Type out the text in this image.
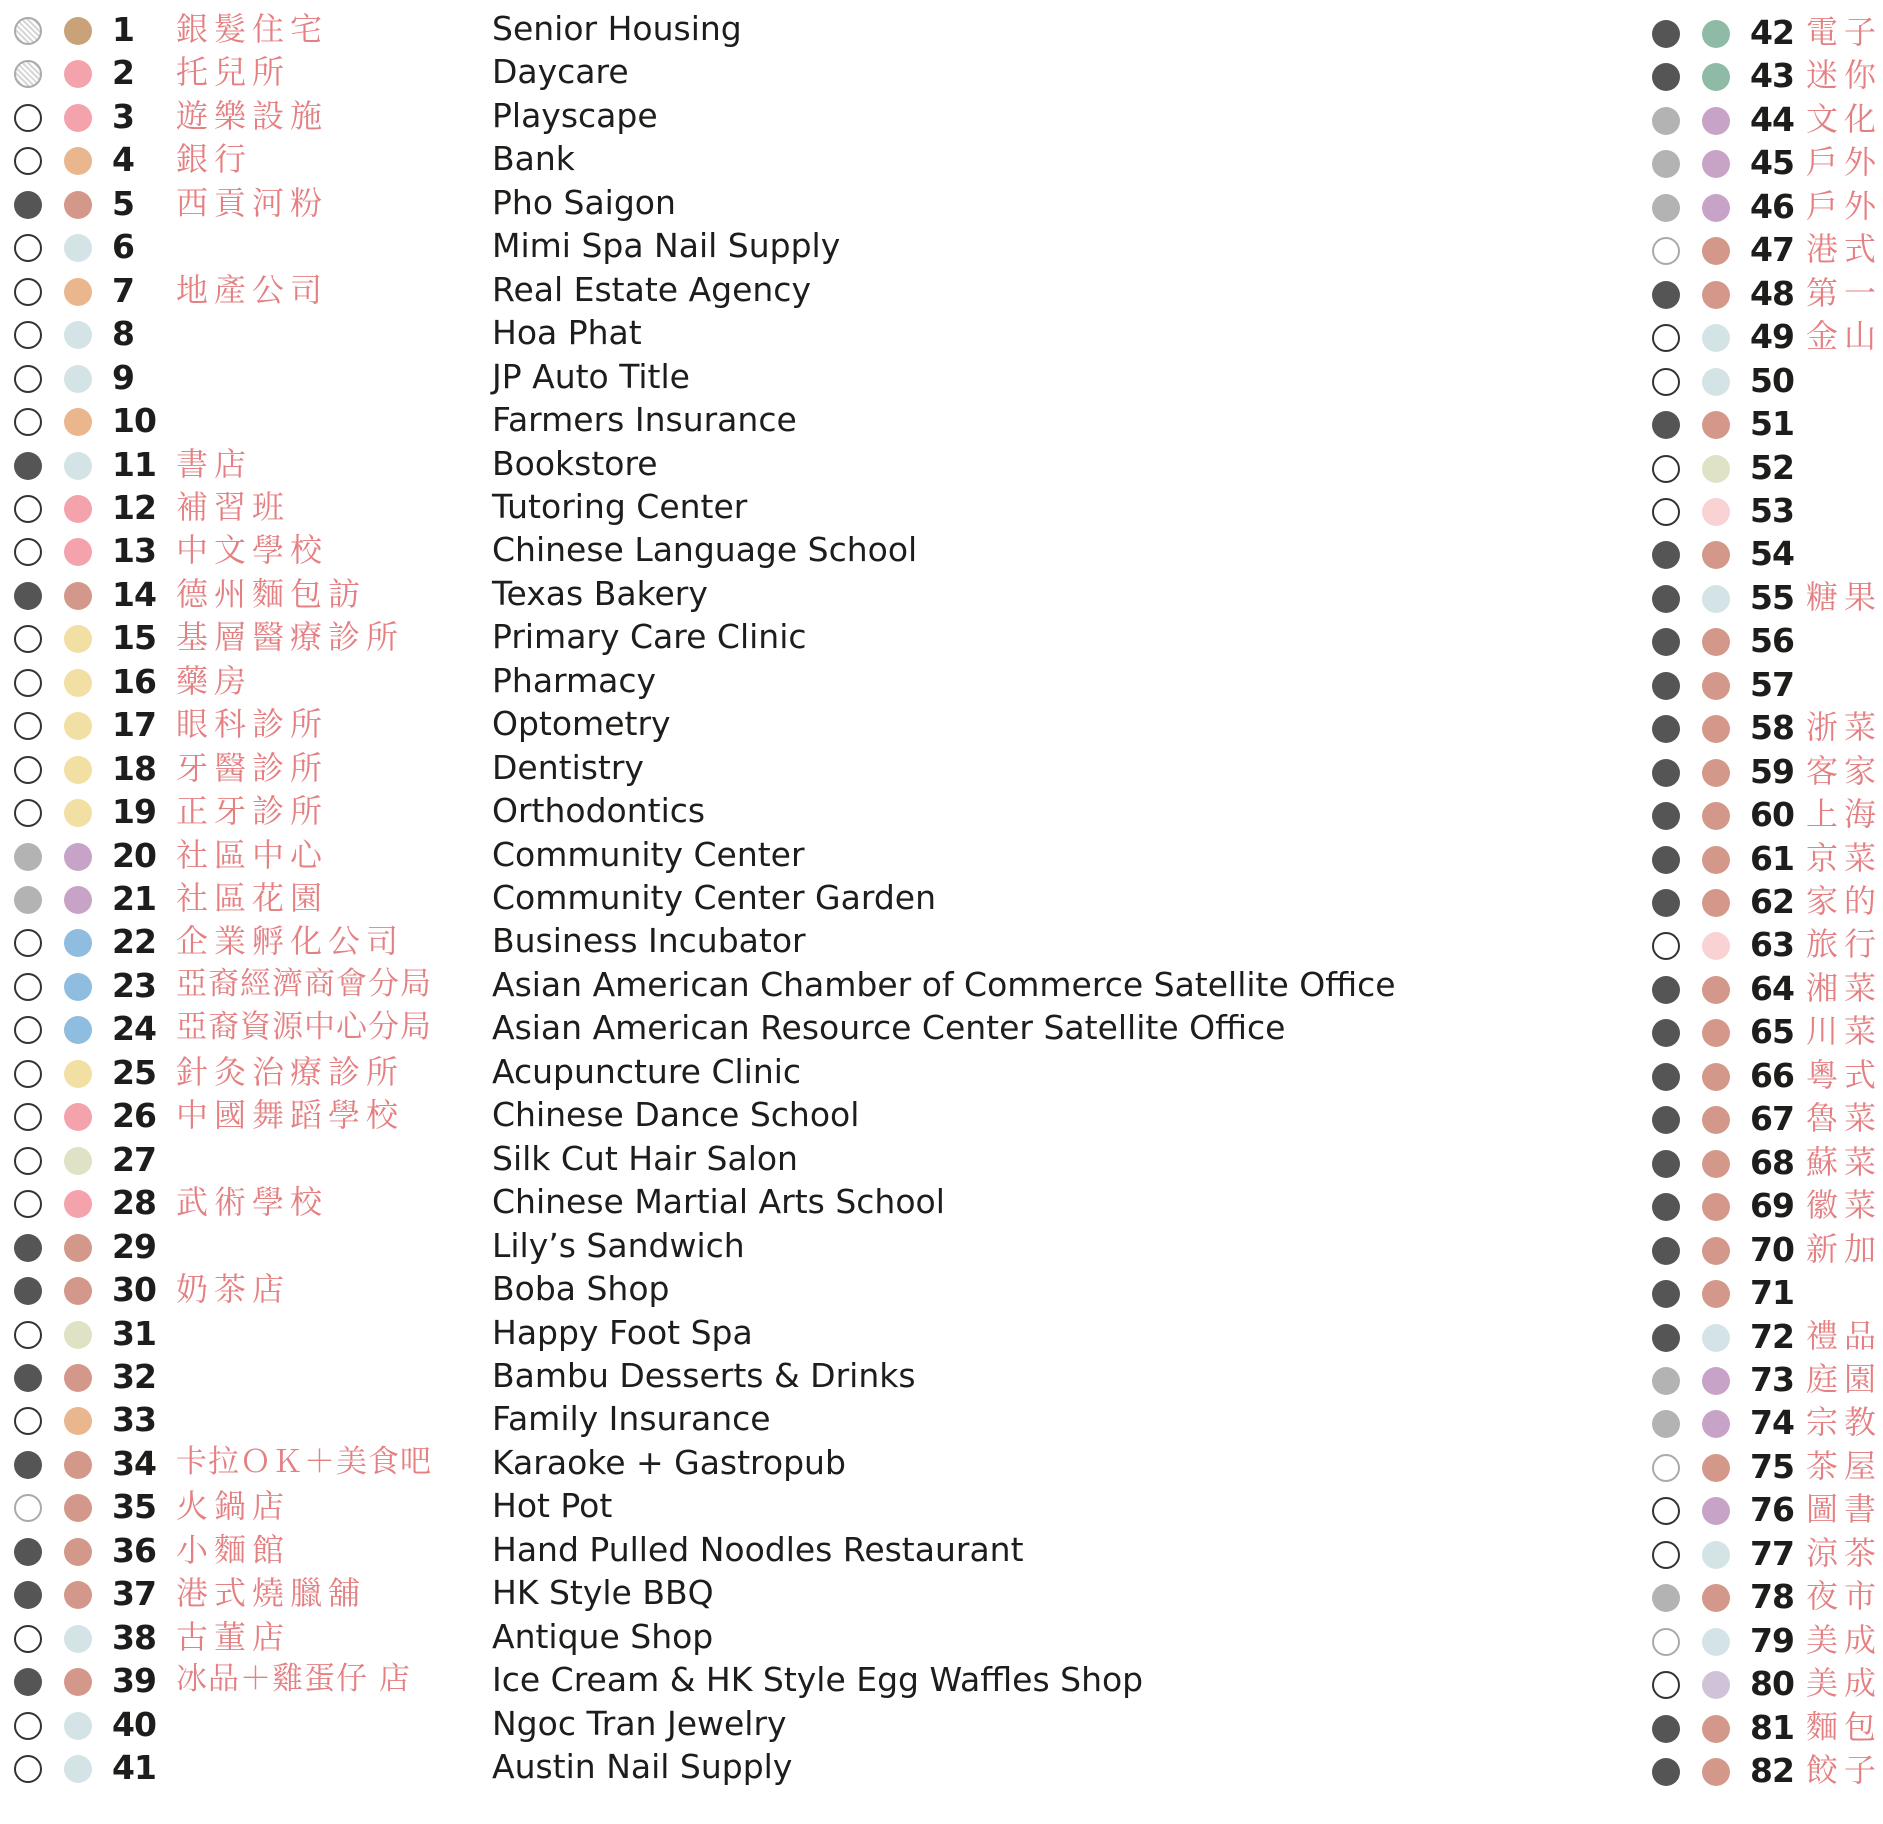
1 銀髮住宅	Senior Housing
2 托兒所	Daycare
3 遊樂設施	Playscape
4 銀行	Bank
5 西貢河粉	Pho Saigon
6	Mimi Spa Nail Supply
7 地產公司	Real Estate Agency
8	Hoa Phat
9	JP Auto Title
10	Farmers Insurance
11 書店	Bookstore
12 補習班	Tutoring Center
13 中文學校	Chinese Language School
14 德州麵包訪	Texas Bakery
15 基層醫療診所	Primary Care Clinic
16 藥房	Pharmacy
17 眼科診所	Optometry
18 牙醫診所	Dentistry
19 正牙診所	Orthodontics
20 社區中心	Community Center
21 社區花園	Community Center Garden
22 企業孵化公司	Business Incubator
23 亞裔經濟商會分局 Asian American Chamber of Commerce Satellite Office
24 亞裔資源中心分局 Asian American Resource Center Satellite Office
25 針灸治療診所	Acupuncture Clinic
26 中國舞蹈學校	Chinese Dance School
27	Silk Cut Hair Salon
28 武術學校	Chinese Martial Arts School
29	Lily’s Sandwich
30 奶茶店	Boba Shop
31	Happy Foot Spa
32	Bambu Desserts & Drinks
33	Family Insurance
34 卡拉ＯＫ＋美食吧 Karaoke + Gastropub
35 火鍋店	Hot Pot
36 小麵館	Hand Pulled Noodles Restaurant
37 港式燒臘舖	HK Style BBQ
38 古董店	Antique Shop
39 冰品＋雞蛋仔 店 Ice Cream & HK Style Egg Waffles Shop
40	Ngoc Tran Jewelry
41	Austin Nail Supply
42 電子
43 迷你
44 文化
45 戶外
46 戶外
47 港式
48 第一
49 金山
50
51
52
53
54
55 糖果
56
57
58 浙菜
59 客家
60 上海
61 京菜
62 家的
63 旅行
64 湘菜
65 川菜
66 粵式
67 魯菜
68 蘇菜
69 徽菜
70 新加
71
72 禮品
73 庭園
74 宗教
75 茶屋
76 圖書
77 涼茶
78 夜市
79 美成
80 美成
81 麵包
82 餃子
